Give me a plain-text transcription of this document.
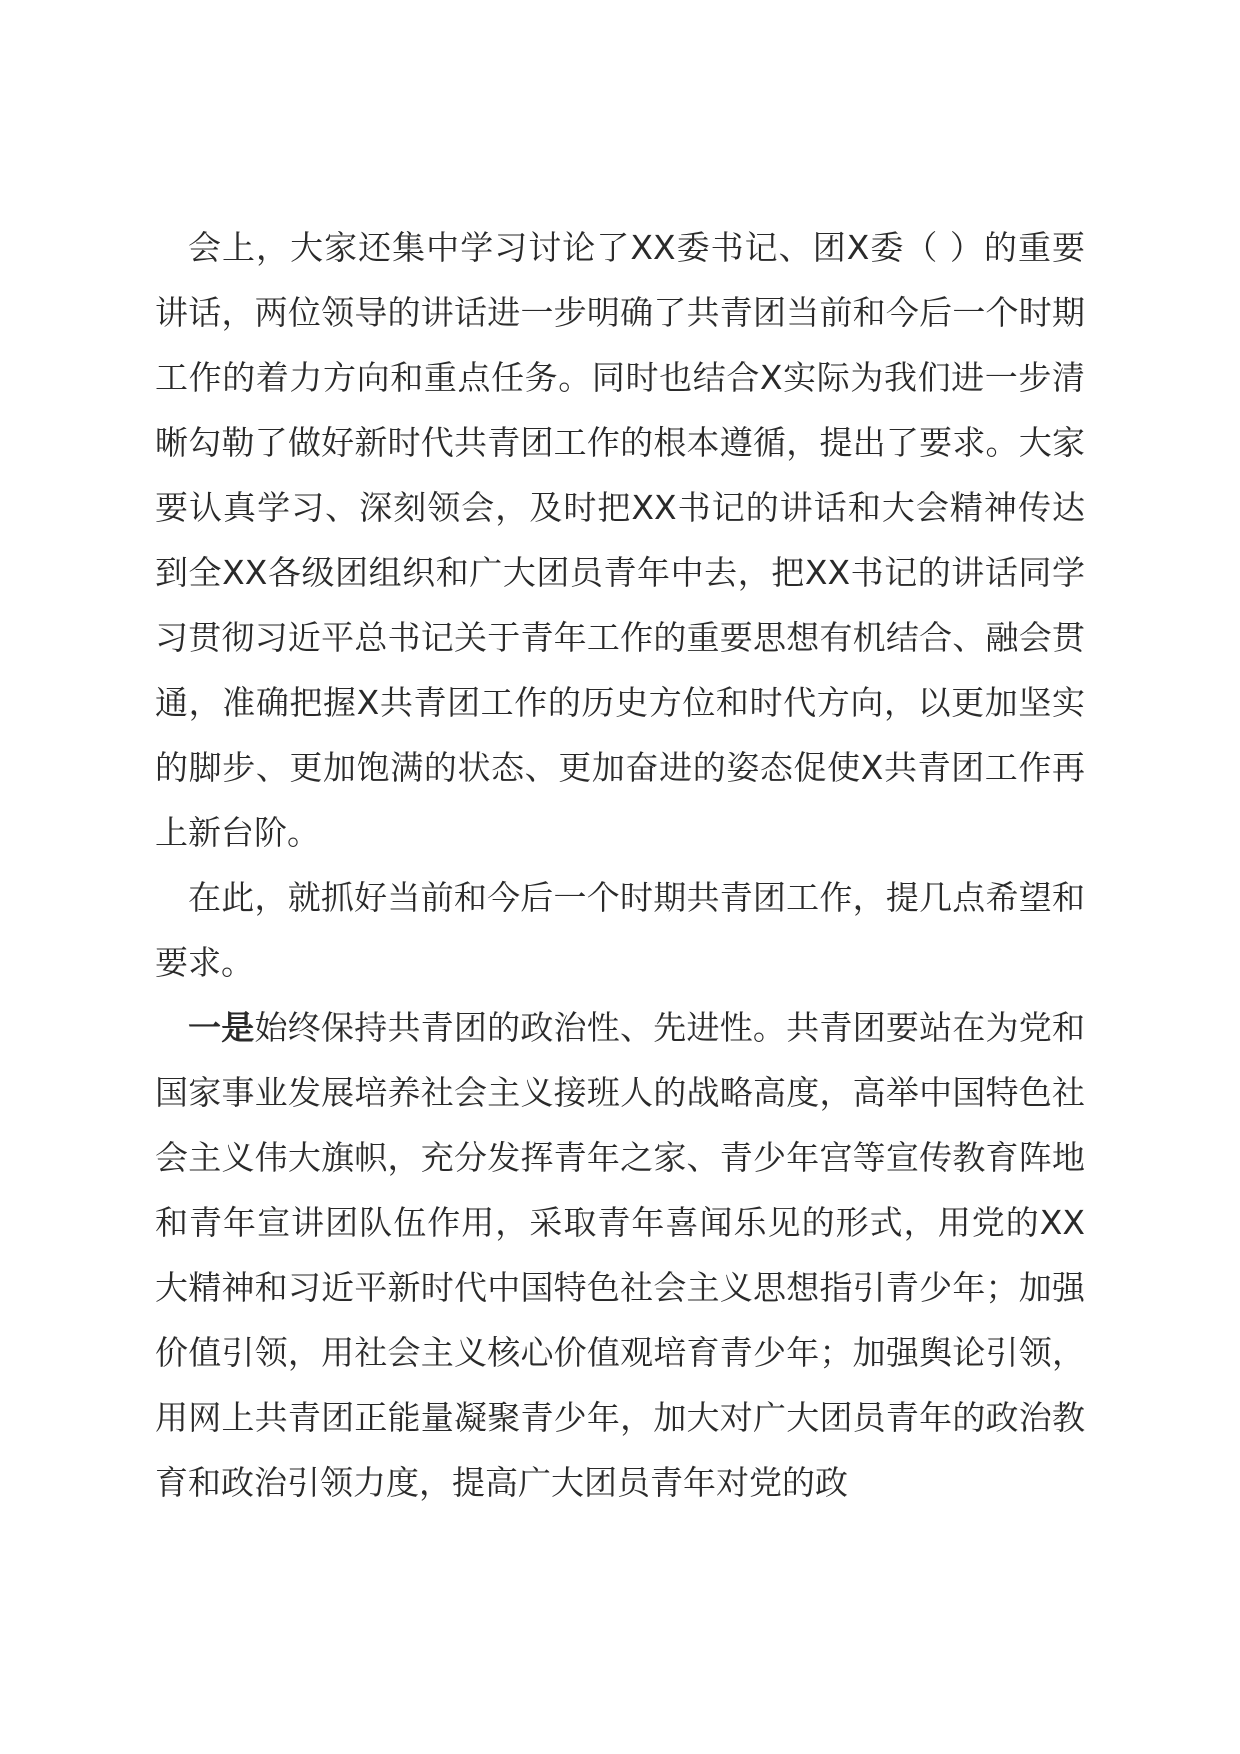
会上，大家还集中学习讨论了XX委书记、团X委（ ）的重要讲话，两位领导的讲话进一步明确了共青团当前和今后一个时期工作的着力方向和重点任务。同时也结合X实际为我们进一步清晰勾勒了做好新时代共青团工作的根本遵循，提出了要求。大家要认真学习、深刻领会，及时把XX书记的讲话和大会精神传达到全XX各级团组织和广大团员青年中去，把XX书记的讲话同学习贯彻习近平总书记关于青年工作的重要思想有机结合、融会贯通，准确把握X共青团工作的历史方位和时代方向，以更加坚实的脚步、更加饱满的状态、更加奋进的姿态促使X共青团工作再上新台阶。

在此，就抓好当前和今后一个时期共青团工作，提几点希望和要求。

一是始终保持共青团的政治性、先进性。共青团要站在为党和国家事业发展培养社会主义接班人的战略高度，高举中国特色社会主义伟大旗帜，充分发挥青年之家、青少年宫等宣传教育阵地和青年宣讲团队伍作用，采取青年喜闻乐见的形式，用党的XX大精神和习近平新时代中国特色社会主义思想指引青少年；加强价值引领，用社会主义核心价值观培育青少年；加强舆论引领，用网上共青团正能量凝聚青少年，加大对广大团员青年的政治教育和政治引领力度，提高广大团员青年对党的政
